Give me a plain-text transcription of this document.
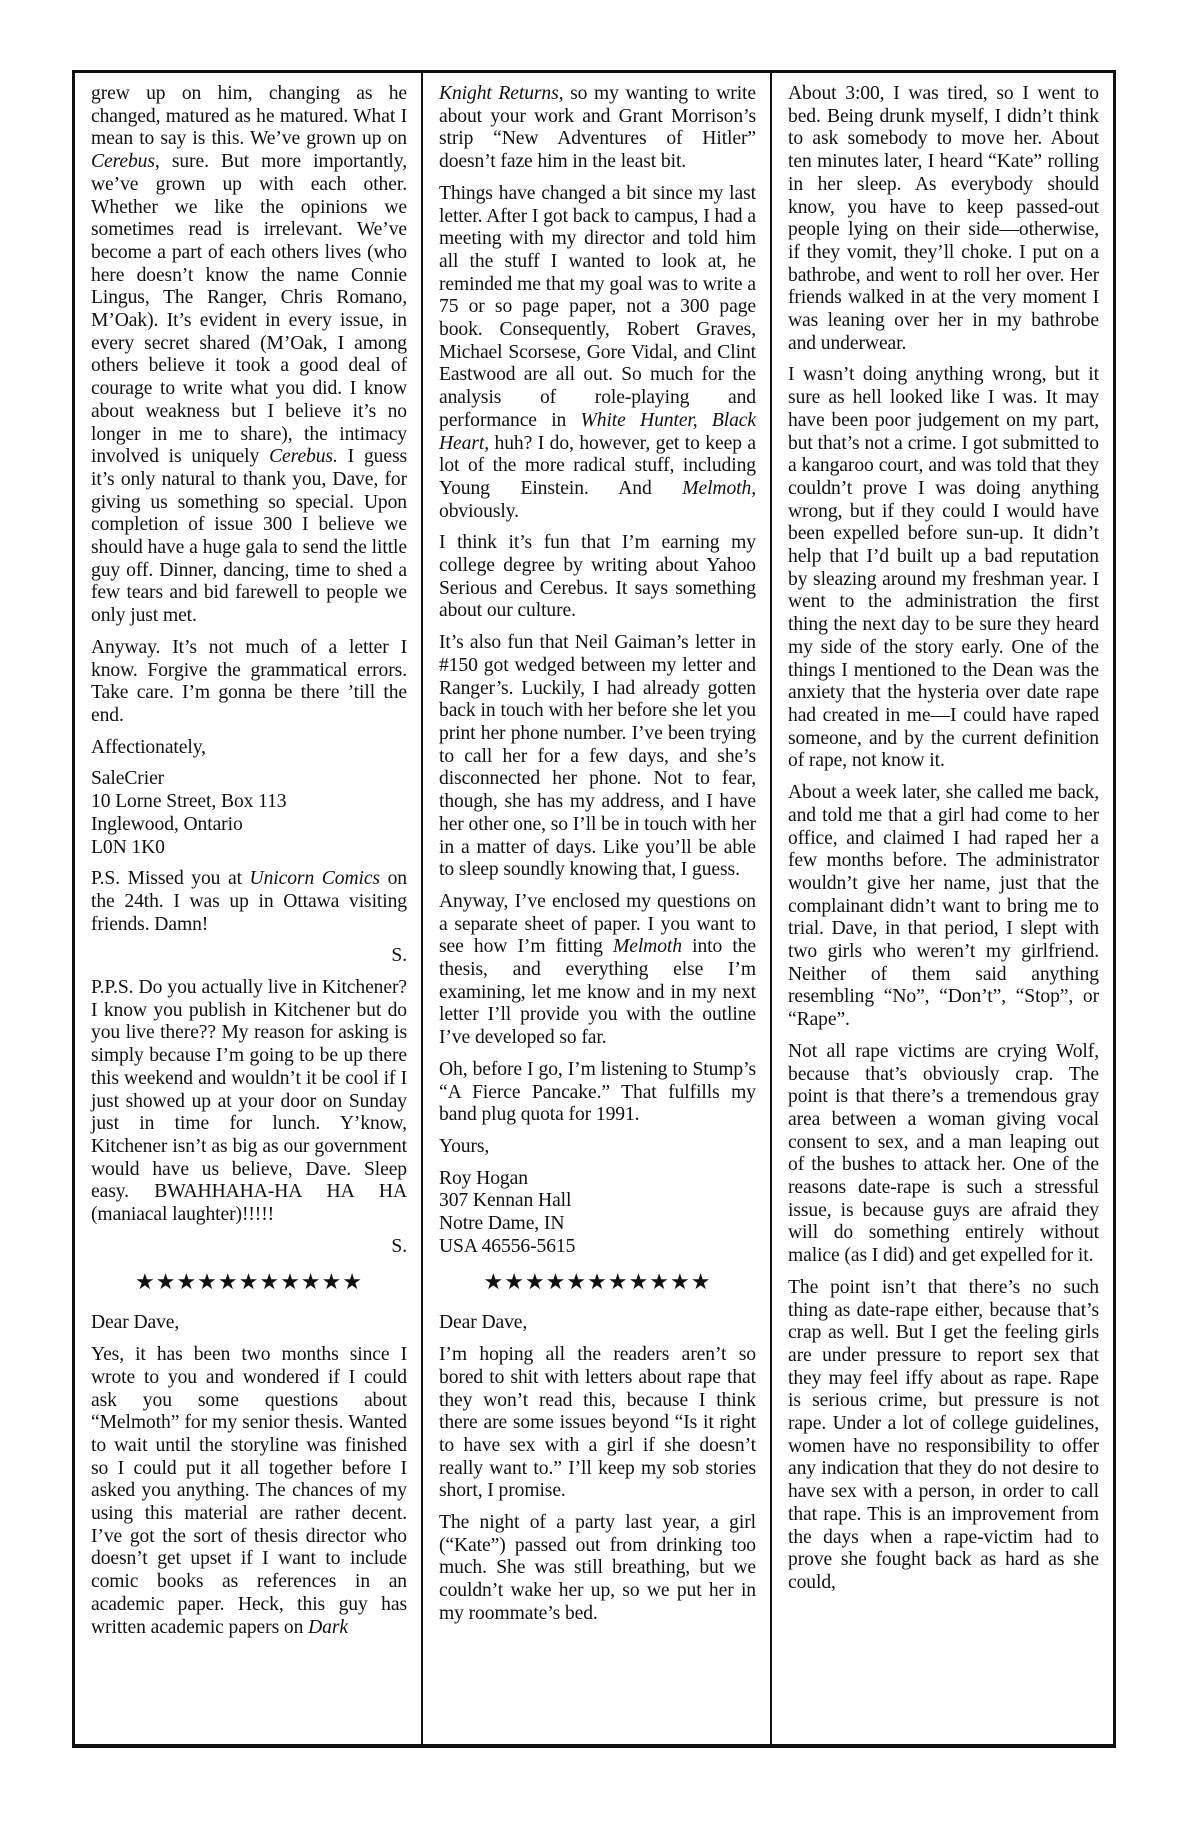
grew up on him, changing as he changed, matured as he matured. What I mean to say is this. We’ve grown up on Cerebus, sure. But more importantly, we’ve grown up with each other. Whether we like the opinions we sometimes read is irrelevant. We’ve become a part of each others lives (who here doesn’t know the name Connie Lingus, The Ranger, Chris Romano, M’Oak). It’s evident in every issue, in every secret shared (M’Oak, I among others believe it took a good deal of courage to write what you did. I know about weakness but I believe it’s no longer in me to share), the intimacy involved is uniquely Cerebus. I guess it’s only natural to thank you, Dave, for giving us something so special. Upon completion of issue 300 I believe we should have a huge gala to send the little guy off. Dinner, dancing, time to shed a few tears and bid farewell to people we only just met.

Anyway. It’s not much of a letter I know. Forgive the grammatical errors. Take care. I’m gonna be there ’till the end.

Affectionately,

SaleCrier
10 Lorne Street, Box 113
Inglewood, Ontario
L0N 1K0

P.S. Missed you at Unicorn Comics on the 24th. I was up in Ottawa visiting friends. Damn!

S.

P.P.S. Do you actually live in Kitchener? I know you publish in Kitchener but do you live there?? My reason for asking is simply because I’m going to be up there this weekend and wouldn’t it be cool if I just showed up at your door on Sunday just in time for lunch. Y’know, Kitchener isn’t as big as our government would have us believe, Dave. Sleep easy. BWAHHAHA-HA HA HA (maniacal laughter)!!!!!

S.

★★★★★★★★★★★

Dear Dave,

Yes, it has been two months since I wrote to you and wondered if I could ask you some questions about “Melmoth” for my senior thesis. Wanted to wait until the storyline was finished so I could put it all together before I asked you anything. The chances of my using this material are rather decent. I’ve got the sort of thesis director who doesn’t get upset if I want to include comic books as references in an academic paper. Heck, this guy has written academic papers on Dark

Knight Returns, so my wanting to write about your work and Grant Morrison’s strip “New Adventures of Hitler” doesn’t faze him in the least bit.

Things have changed a bit since my last letter. After I got back to campus, I had a meeting with my director and told him all the stuff I wanted to look at, he reminded me that my goal was to write a 75 or so page paper, not a 300 page book. Consequently, Robert Graves, Michael Scorsese, Gore Vidal, and Clint Eastwood are all out. So much for the analysis of role-playing and performance in White Hunter, Black Heart, huh? I do, however, get to keep a lot of the more radical stuff, including Young Einstein. And Melmoth, obviously.

I think it’s fun that I’m earning my college degree by writing about Yahoo Serious and Cerebus. It says something about our culture.

It’s also fun that Neil Gaiman’s letter in #150 got wedged between my letter and Ranger’s. Luckily, I had already gotten back in touch with her before she let you print her phone number. I’ve been trying to call her for a few days, and she’s disconnected her phone. Not to fear, though, she has my address, and I have her other one, so I’ll be in touch with her in a matter of days. Like you’ll be able to sleep soundly knowing that, I guess.

Anyway, I’ve enclosed my questions on a separate sheet of paper. I you want to see how I’m fitting Melmoth into the thesis, and everything else I’m examining, let me know and in my next letter I’ll provide you with the outline I’ve developed so far.

Oh, before I go, I’m listening to Stump’s “A Fierce Pancake.” That fulfills my band plug quota for 1991.

Yours,

Roy Hogan
307 Kennan Hall
Notre Dame, IN
USA 46556-5615
★★★★★★★★★★★

Dear Dave,

I’m hoping all the readers aren’t so bored to shit with letters about rape that they won’t read this, because I think there are some issues beyond “Is it right to have sex with a girl if she doesn’t really want to.” I’ll keep my sob stories short, I promise.

The night of a party last year, a girl (“Kate”) passed out from drinking too much. She was still breathing, but we couldn’t wake her up, so we put her in my roommate’s bed.

About 3:00, I was tired, so I went to bed. Being drunk myself, I didn’t think to ask somebody to move her. About ten minutes later, I heard “Kate” rolling in her sleep. As everybody should know, you have to keep passed-out people lying on their side—otherwise, if they vomit, they’ll choke. I put on a bathrobe, and went to roll her over. Her friends walked in at the very moment I was leaning over her in my bathrobe and underwear.

I wasn’t doing anything wrong, but it sure as hell looked like I was. It may have been poor judgement on my part, but that’s not a crime. I got submitted to a kangaroo court, and was told that they couldn’t prove I was doing anything wrong, but if they could I would have been expelled before sun-up. It didn’t help that I’d built up a bad reputation by sleazing around my freshman year. I went to the administration the first thing the next day to be sure they heard my side of the story early. One of the things I mentioned to the Dean was the anxiety that the hysteria over date rape had created in me—I could have raped someone, and by the current definition of rape, not know it.

About a week later, she called me back, and told me that a girl had come to her office, and claimed I had raped her a few months before. The administrator wouldn’t give her name, just that the complainant didn’t want to bring me to trial. Dave, in that period, I slept with two girls who weren’t my girlfriend. Neither of them said anything resembling “No”, “Don’t”, “Stop”, or “Rape”.

Not all rape victims are crying Wolf, because that’s obviously crap. The point is that there’s a tremendous gray area between a woman giving vocal consent to sex, and a man leaping out of the bushes to attack her. One of the reasons date-rape is such a stressful issue, is because guys are afraid they will do something entirely without malice (as I did) and get expelled for it.

The point isn’t that there’s no such thing as date-rape either, because that’s crap as well. But I get the feeling girls are under pressure to report sex that they may feel iffy about as rape. Rape is serious crime, but pressure is not rape. Under a lot of college guidelines, women have no responsibility to offer any indication that they do not desire to have sex with a person, in order to call that rape. This is an improvement from the days when a rape-victim had to prove she fought back as hard as she could,
